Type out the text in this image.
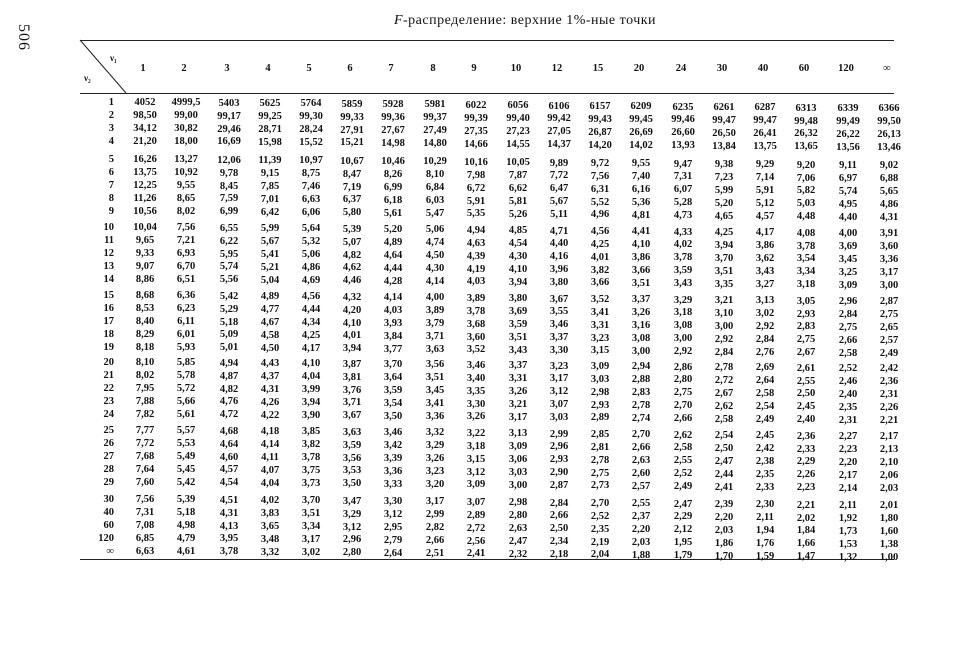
506
F-распределение: верхние 1%-ные точки
ν₁
ν₂
1	2	3	4	5	6	7	8	9	10	12	15	20	24	30	40	60	120	∞
1	4052	4999,5	5403	5625	5764	5859	5928	5981	6022	6056	6106	6157	6209	6235	6261	6287	6313	6339	6366
2	98,50	99,00	99,17	99,25	99,30	99,33	99,36	99,37	99,39	99,40	99,42	99,43	99,45	99,46	99,47	99,47	99,48	99,49	99,50
3	34,12	30,82	29,46	28,71	28,24	27,91	27,67	27,49	27,35	27,23	27,05	26,87	26,69	26,60	26,50	26,41	26,32	26,22	26,13
4	21,20	18,00	16,69	15,98	15,52	15,21	14,98	14,80	14,66	14,55	14,37	14,20	14,02	13,93	13,84	13,75	13,65	13,56	13,46
5	16,26	13,27	12,06	11,39	10,97	10,67	10,46	10,29	10,16	10,05	9,89	9,72	9,55	9,47	9,38	9,29	9,20	9,11	9,02
6	13,75	10,92	9,78	9,15	8,75	8,47	8,26	8,10	7,98	7,87	7,72	7,56	7,40	7,31	7,23	7,14	7,06	6,97	6,88
7	12,25	9,55	8,45	7,85	7,46	7,19	6,99	6,84	6,72	6,62	6,47	6,31	6,16	6,07	5,99	5,91	5,82	5,74	5,65
8	11,26	8,65	7,59	7,01	6,63	6,37	6,18	6,03	5,91	5,81	5,67	5,52	5,36	5,28	5,20	5,12	5,03	4,95	4,86
9	10,56	8,02	6,99	6,42	6,06	5,80	5,61	5,47	5,35	5,26	5,11	4,96	4,81	4,73	4,65	4,57	4,48	4,40	4,31
10	10,04	7,56	6,55	5,99	5,64	5,39	5,20	5,06	4,94	4,85	4,71	4,56	4,41	4,33	4,25	4,17	4,08	4,00	3,91
11	9,65	7,21	6,22	5,67	5,32	5,07	4,89	4,74	4,63	4,54	4,40	4,25	4,10	4,02	3,94	3,86	3,78	3,69	3,60
12	9,33	6,93	5,95	5,41	5,06	4,82	4,64	4,50	4,39	4,30	4,16	4,01	3,86	3,78	3,70	3,62	3,54	3,45	3,36
13	9,07	6,70	5,74	5,21	4,86	4,62	4,44	4,30	4,19	4,10	3,96	3,82	3,66	3,59	3,51	3,43	3,34	3,25	3,17
14	8,86	6,51	5,56	5,04	4,69	4,46	4,28	4,14	4,03	3,94	3,80	3,66	3,51	3,43	3,35	3,27	3,18	3,09	3,00
15	8,68	6,36	5,42	4,89	4,56	4,32	4,14	4,00	3,89	3,80	3,67	3,52	3,37	3,29	3,21	3,13	3,05	2,96	2,87
16	8,53	6,23	5,29	4,77	4,44	4,20	4,03	3,89	3,78	3,69	3,55	3,41	3,26	3,18	3,10	3,02	2,93	2,84	2,75
17	8,40	6,11	5,18	4,67	4,34	4,10	3,93	3,79	3,68	3,59	3,46	3,31	3,16	3,08	3,00	2,92	2,83	2,75	2,65
18	8,29	6,01	5,09	4,58	4,25	4,01	3,84	3,71	3,60	3,51	3,37	3,23	3,08	3,00	2,92	2,84	2,75	2,66	2,57
19	8,18	5,93	5,01	4,50	4,17	3,94	3,77	3,63	3,52	3,43	3,30	3,15	3,00	2,92	2,84	2,76	2,67	2,58	2,49
20	8,10	5,85	4,94	4,43	4,10	3,87	3,70	3,56	3,46	3,37	3,23	3,09	2,94	2,86	2,78	2,69	2,61	2,52	2,42
21	8,02	5,78	4,87	4,37	4,04	3,81	3,64	3,51	3,40	3,31	3,17	3,03	2,88	2,80	2,72	2,64	2,55	2,46	2,36
22	7,95	5,72	4,82	4,31	3,99	3,76	3,59	3,45	3,35	3,26	3,12	2,98	2,83	2,75	2,67	2,58	2,50	2,40	2,31
23	7,88	5,66	4,76	4,26	3,94	3,71	3,54	3,41	3,30	3,21	3,07	2,93	2,78	2,70	2,62	2,54	2,45	2,35	2,26
24	7,82	5,61	4,72	4,22	3,90	3,67	3,50	3,36	3,26	3,17	3,03	2,89	2,74	2,66	2,58	2,49	2,40	2,31	2,21
25	7,77	5,57	4,68	4,18	3,85	3,63	3,46	3,32	3,22	3,13	2,99	2,85	2,70	2,62	2,54	2,45	2,36	2,27	2,17
26	7,72	5,53	4,64	4,14	3,82	3,59	3,42	3,29	3,18	3,09	2,96	2,81	2,66	2,58	2,50	2,42	2,33	2,23	2,13
27	7,68	5,49	4,60	4,11	3,78	3,56	3,39	3,26	3,15	3,06	2,93	2,78	2,63	2,55	2,47	2,38	2,29	2,20	2,10
28	7,64	5,45	4,57	4,07	3,75	3,53	3,36	3,23	3,12	3,03	2,90	2,75	2,60	2,52	2,44	2,35	2,26	2,17	2,06
29	7,60	5,42	4,54	4,04	3,73	3,50	3,33	3,20	3,09	3,00	2,87	2,73	2,57	2,49	2,41	2,33	2,23	2,14	2,03
30	7,56	5,39	4,51	4,02	3,70	3,47	3,30	3,17	3,07	2,98	2,84	2,70	2,55	2,47	2,39	2,30	2,21	2,11	2,01
40	7,31	5,18	4,31	3,83	3,51	3,29	3,12	2,99	2,89	2,80	2,66	2,52	2,37	2,29	2,20	2,11	2,02	1,92	1,80
60	7,08	4,98	4,13	3,65	3,34	3,12	2,95	2,82	2,72	2,63	2,50	2,35	2,20	2,12	2,03	1,94	1,84	1,73	1,60
120	6,85	4,79	3,95	3,48	3,17	2,96	2,79	2,66	2,56	2,47	2,34	2,19	2,03	1,95	1,86	1,76	1,66	1,53	1,38
∞	6,63	4,61	3,78	3,32	3,02	2,80	2,64	2,51	2,41	2,32	2,18	2,04	1,88	1,79	1,70	1,59	1,47	1,32	1,00
